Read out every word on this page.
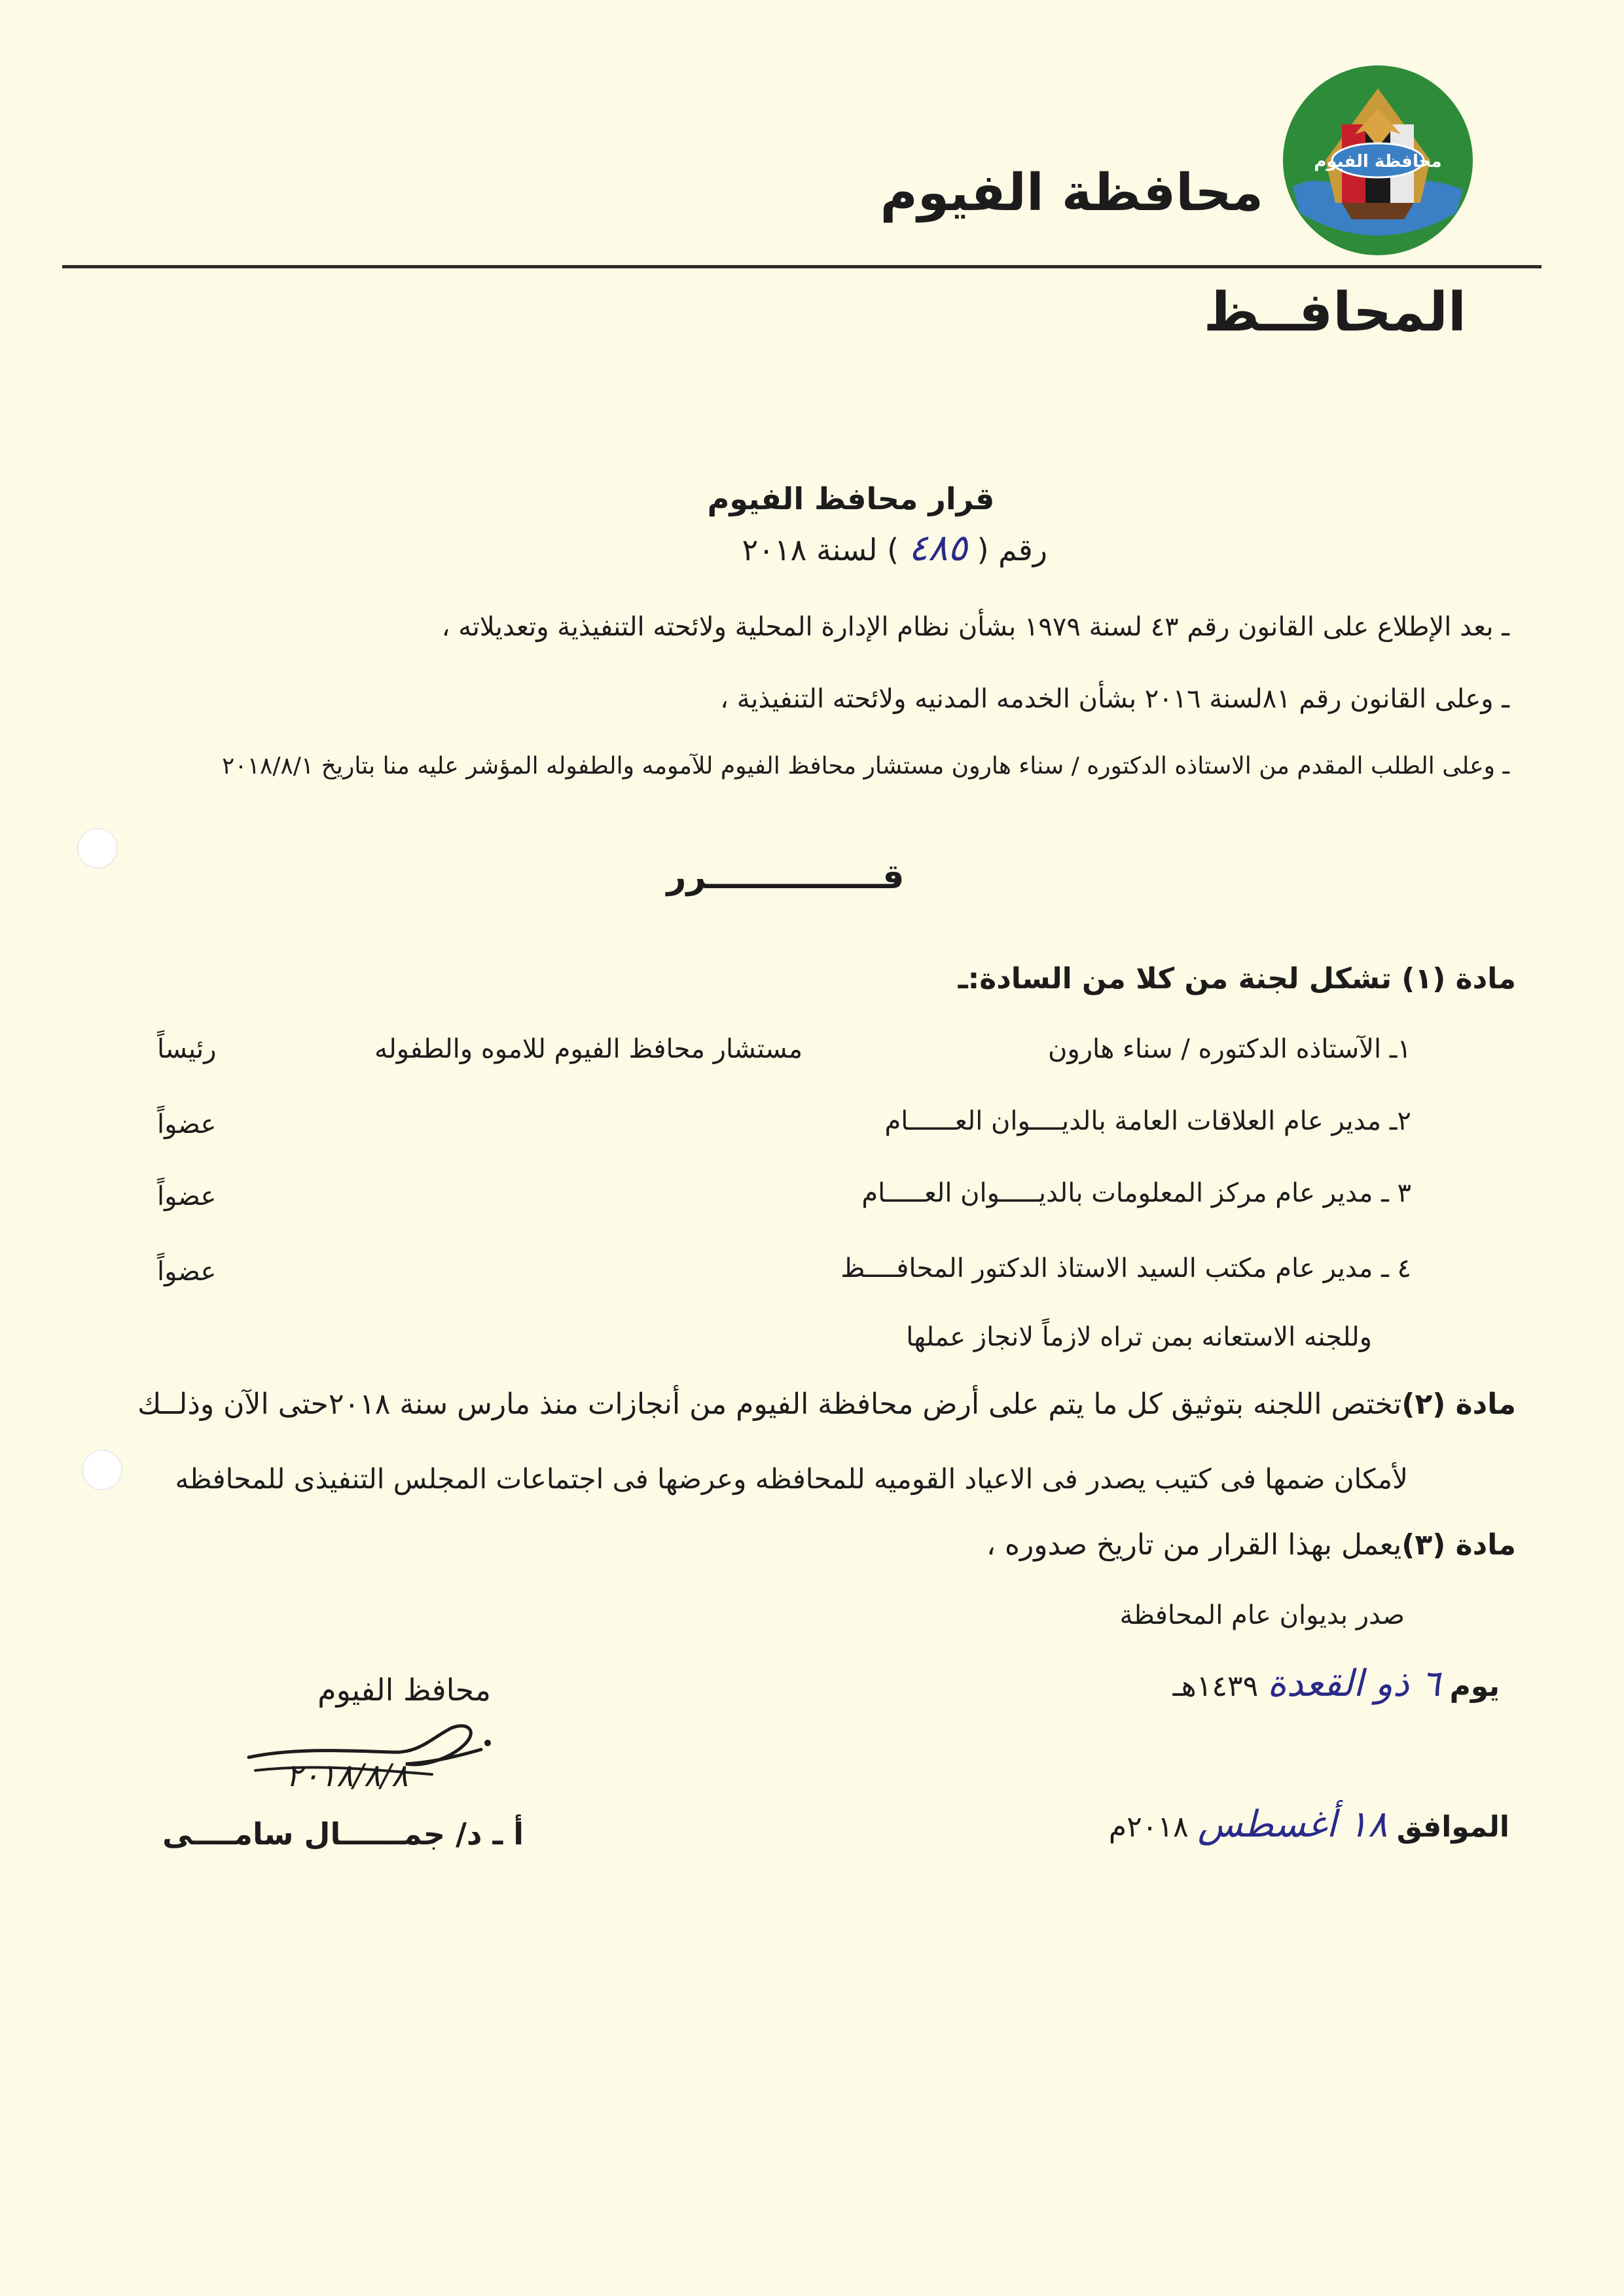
محافظة الفيوم
محافظة الفيوم
المحافــظ
قرار محافظ الفيوم
رقم ( ٤٨٥ ) لسنة ٢٠١٨
ـ بعد الإطلاع على القانون رقم ٤٣ لسنة ١٩٧٩ بشأن نظام الإدارة المحلية ولائحته التنفيذية وتعديلاته ،
ـ وعلى القانون رقم ٨١لسنة ٢٠١٦ بشأن الخدمه المدنيه ولائحته التنفيذية ،
ـ وعلى الطلب المقدم من الاستاذه الدكتوره / سناء هارون مستشار محافظ الفيوم للآمومه والطفوله المؤشر عليه منا بتاريخ ٢٠١٨/٨/١
قـــــــــــــــرر
مادة (١) تشكل لجنة من كلا من السادة:ـ
١ـ الآستاذه الدكتوره / سناء هارون
مستشار محافظ الفيوم للاموه والطفوله
رئيساً
٢ـ مدير عام العلاقات العامة بالديــــوان العــــــام
عضواً
٣ ـ مدير عام مركز المعلومات بالديـــــوان العـــــام
عضواً
٤ ـ مدير عام مكتب السيد الاستاذ الدكتور المحافــــظ
عضواً
وللجنه الاستعانه بمن تراه لازماً لانجاز عملها
مادة (٢)تختص اللجنه بتوثيق كل ما يتم على أرض محافظة الفيوم من أنجازات منذ مارس سنة ٢٠١٨حتى الآن وذلــك
لأمكان ضمها فى كتيب يصدر فى الاعياد القوميه للمحافظه وعرضها فى اجتماعات المجلس التنفيذى للمحافظه
مادة (٣)يعمل بهذا القرار من تاريخ صدوره ،
صدر بديوان عام المحافظة
يوم ٦ ذو القعدة ١٤٣٩هـ
الموافق ١٨ أغسطس ٢٠١٨م
محافظ الفيوم
٢٠١٨/٨/٨
أ ـ د/ جمــــــال سامــــى
